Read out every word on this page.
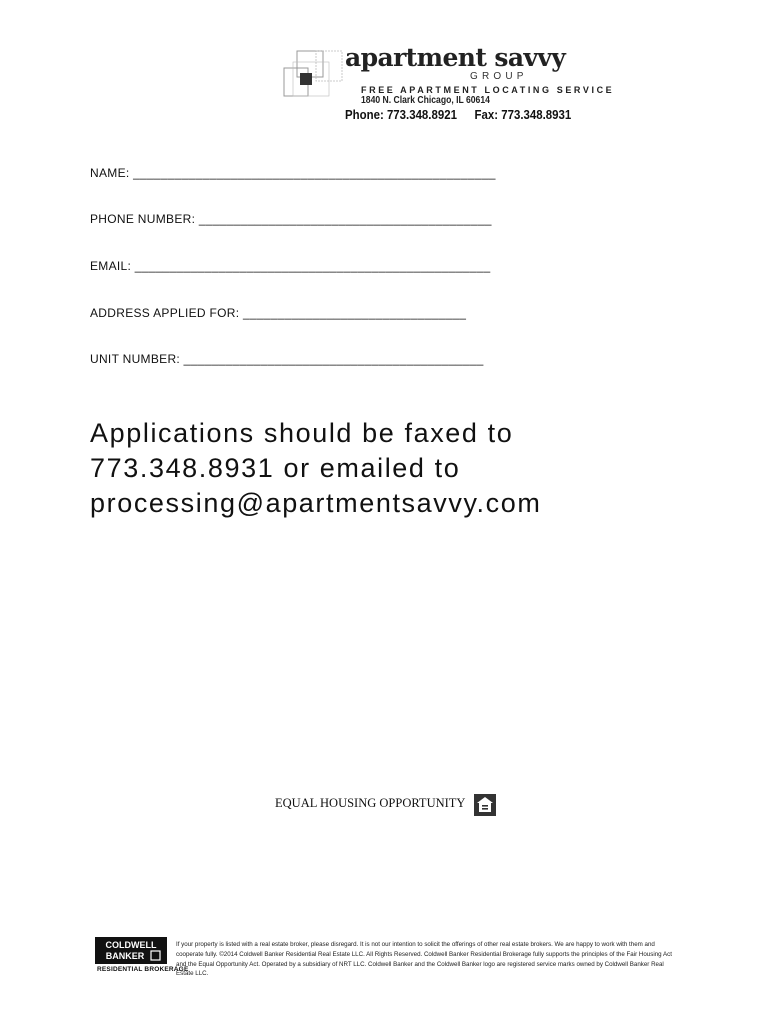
apartment savvy
GROUP
FREE APARTMENT LOCATING SERVICE
1840 N. Clark Chicago, IL 60614
Phone: 773.348.8921 Fax: 773.348.8931
NAME: ____________________________________________________
PHONE NUMBER: __________________________________________
EMAIL: ___________________________________________________
ADDRESS APPLIED FOR: ________________________________
UNIT NUMBER: ___________________________________________
Applications should be faxed to
773.348.8931 or emailed to
processing@apartmentsavvy.com
EQUAL HOUSING OPPORTUNITY
COLDWELL
BANKER
RESIDENTIAL BROKERAGE
If your property is listed with a real estate broker, please disregard. It is not our intention to solicit the offerings of other real estate brokers. We are happy to work with them and cooperate fully. ©2014 Coldwell Banker Residential Real Estate LLC. All Rights Reserved. Coldwell Banker Residential Brokerage fully supports the principles of the Fair Housing Act and the Equal Opportunity Act. Operated by a subsidiary of NRT LLC. Coldwell Banker and the Coldwell Banker logo are registered service marks owned by Coldwell Banker Real Estate LLC.
